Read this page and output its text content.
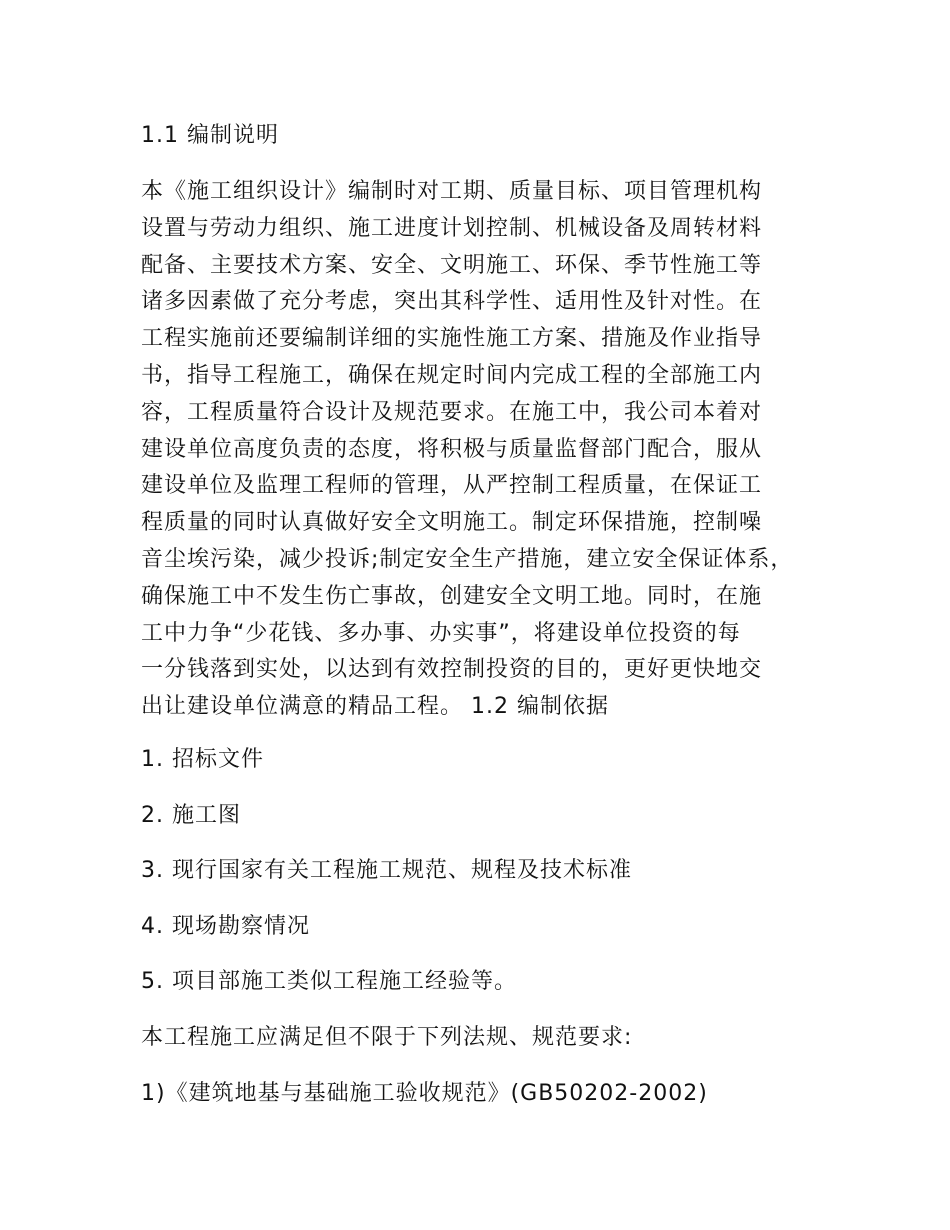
1.1 编制说明
本《施工组织设计》编制时对工期、质量目标、项目管理机构
设置与劳动力组织、施工进度计划控制、机械设备及周转材料
配备、主要技术方案、安全、文明施工、环保、季节性施工等
诸多因素做了充分考虑，突出其科学性、适用性及针对性。在
工程实施前还要编制详细的实施性施工方案、措施及作业指导
书，指导工程施工，确保在规定时间内完成工程的全部施工内
容，工程质量符合设计及规范要求。在施工中，我公司本着对
建设单位高度负责的态度，将积极与质量监督部门配合，服从
建设单位及监理工程师的管理，从严控制工程质量，在保证工
程质量的同时认真做好安全文明施工。制定环保措施，控制噪
音尘埃污染，减少投诉;制定安全生产措施，建立安全保证体系，
确保施工中不发生伤亡事故，创建安全文明工地。同时，在施
工中力争“少花钱、多办事、办实事”，将建设单位投资的每
一分钱落到实处，以达到有效控制投资的目的，更好更快地交
出让建设单位满意的精品工程。 1.2 编制依据
1. 招标文件
2. 施工图
3. 现行国家有关工程施工规范、规程及技术标准
4. 现场勘察情况
5. 项目部施工类似工程施工经验等。
本工程施工应满足但不限于下列法规、规范要求:
1)《建筑地基与基础施工验收规范》(GB50202-2002)
